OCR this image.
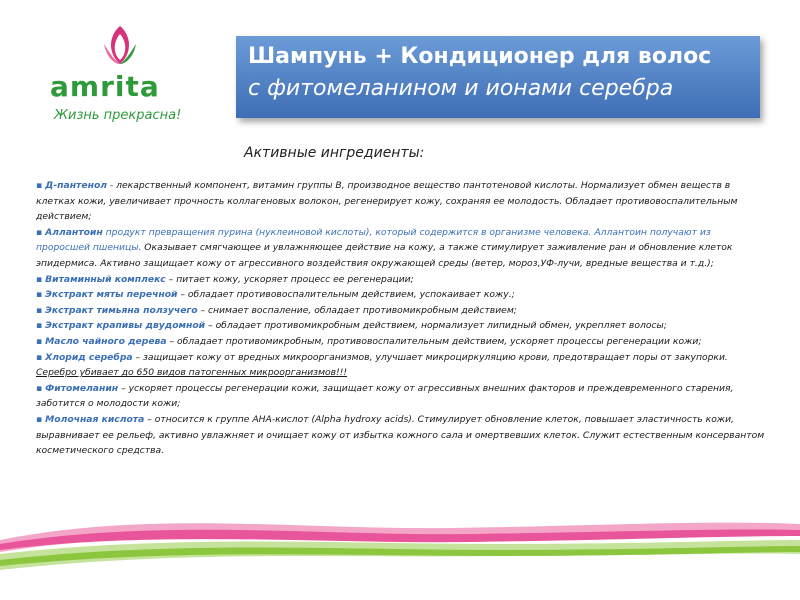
amrita
Жизнь прекрасна!
Шампунь + Кондиционер для волос
с фитомеланином и ионами серебра
Активные ингредиенты:

▪ Д-пантенол - лекарственный компонент, витамин группы В, производное вещество пантотеновой кислоты. Нормализует обмен веществ в клетках кожи, увеличивает прочность коллагеновых волокон, регенерирует кожу, сохраняя ее молодость. Обладает противовоспалительным действием;

▪ Аллантоин продукт превращения пурина (нуклеиновой кислоты), который содержится в организме человека. Аллантоин получают из проросшей пшеницы. Оказывает смягчающее и увлажняющее действие на кожу, а также стимулирует заживление ран и обновление клеток эпидермиса. Активно защищает кожу от агрессивного воздействия окружающей среды (ветер, мороз,УФ-лучи, вредные вещества и т.д.);

▪ Витаминный комплекс – питает кожу, ускоряет процесс ее регенерации;

▪ Экстракт мяты перечной – обладает противовоспалительным действием, успокаивает кожу.;

▪ Экстракт тимьяна ползучего – снимает воспаление, обладает противомикробным действием;

▪ Экстракт крапивы двудомной – обладает противомикробным действием, нормализует липидный обмен, укрепляет волосы;

▪ Масло чайного дерева – обладает противомикробным, противовоспалительным действием, ускоряет процессы регенерации кожи;

▪ Хлорид серебра – защищает кожу от вредных микроорганизмов, улучшает микроциркуляцию крови, предотвращает поры от закупорки. Серебро убивает до 650 видов патогенных микроорганизмов!!!

▪ Фитомеланин – ускоряет процессы регенерации кожи, защищает кожу от агрессивных внешних факторов и преждевременного старения, заботится о молодости кожи;

▪ Молочная кислота – относится к группе АНА-кислот (Alpha hydroxy acids). Стимулирует обновление клеток, повышает эластичность кожи, выравнивает ее рельеф, активно увлажняет и очищает кожу от избытка кожного сала и омертвевших клеток. Служит естественным консервантом косметического средства.
